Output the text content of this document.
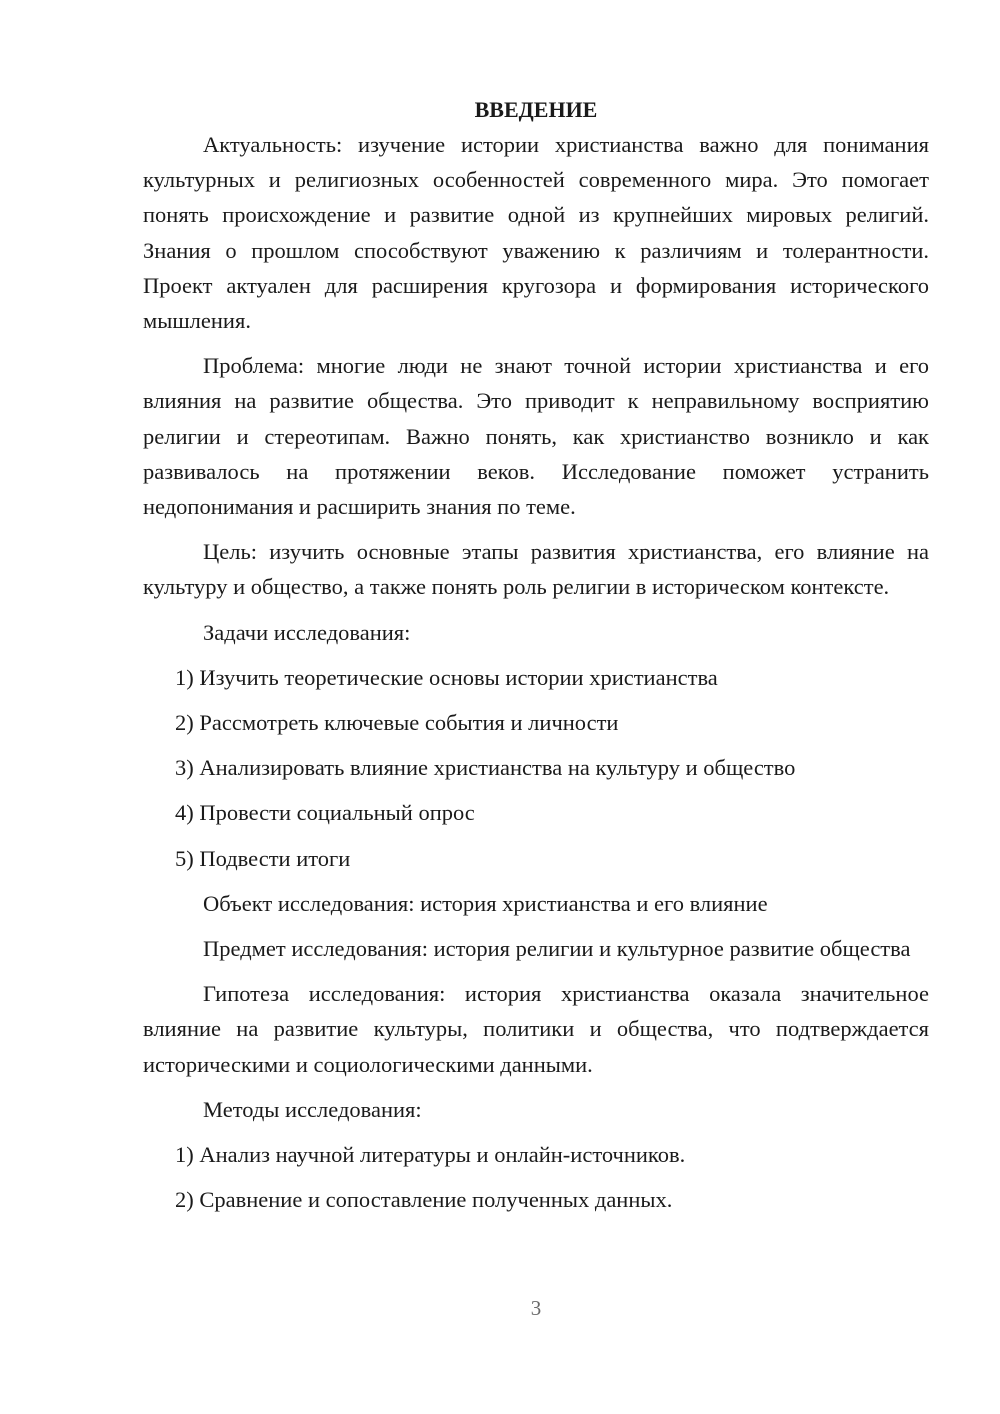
ВВЕДЕНИЕ

Актуальность: изучение истории христианства важно для понимания культурных и религиозных особенностей современного мира. Это помогает понять происхождение и развитие одной из крупнейших мировых религий. Знания о прошлом способствуют уважению к различиям и толерантности. Проект актуален для расширения кругозора и формирования исторического мышления.

Проблема: многие люди не знают точной истории христианства и его влияния на развитие общества. Это приводит к неправильному восприятию религии и стереотипам. Важно понять, как христианство возникло и как развивалось на протяжении веков. Исследование поможет устранить недопонимания и расширить знания по теме.

Цель: изучить основные этапы развития христианства, его влияние на культуру и общество, а также понять роль религии в историческом контексте.

Задачи исследования:

1) Изучить теоретические основы истории христианства

2) Рассмотреть ключевые события и личности

3) Анализировать влияние христианства на культуру и общество

4) Провести социальный опрос

5) Подвести итоги

Объект исследования: история христианства и его влияние

Предмет исследования: история религии и культурное развитие общества

Гипотеза исследования: история христианства оказала значительное влияние на развитие культуры, политики и общества, что подтверждается историческими и социологическими данными.

Методы исследования:

1) Анализ научной литературы и онлайн-источников.

2) Сравнение и сопоставление полученных данных.

3
